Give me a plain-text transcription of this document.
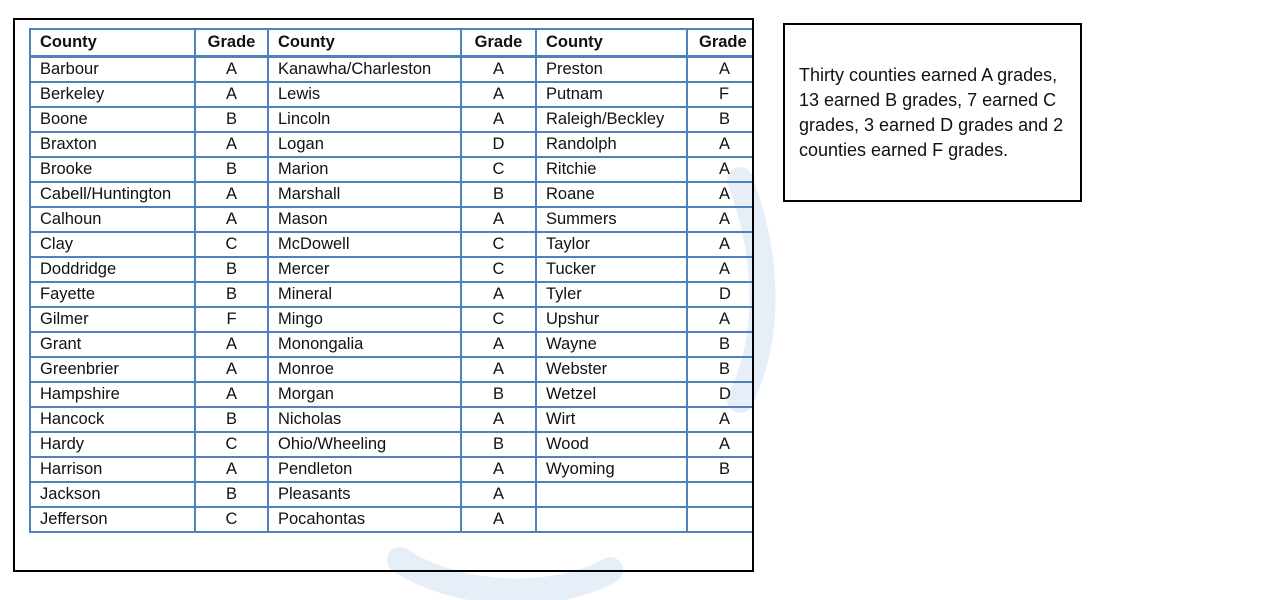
County	Grade	County	Grade	County	Grade
Barbour	A	Kanawha/Charleston	A	Preston	A
Berkeley	A	Lewis	A	Putnam	F
Boone	B	Lincoln	A	Raleigh/Beckley	B
Braxton	A	Logan	D	Randolph	A
Brooke	B	Marion	C	Ritchie	A
Cabell/Huntington	A	Marshall	B	Roane	A
Calhoun	A	Mason	A	Summers	A
Clay	C	McDowell	C	Taylor	A
Doddridge	B	Mercer	C	Tucker	A
Fayette	B	Mineral	A	Tyler	D
Gilmer	F	Mingo	C	Upshur	A
Grant	A	Monongalia	A	Wayne	B
Greenbrier	A	Monroe	A	Webster	B
Hampshire	A	Morgan	B	Wetzel	D
Hancock	B	Nicholas	A	Wirt	A
Hardy	C	Ohio/Wheeling	B	Wood	A
Harrison	A	Pendleton	A	Wyoming	B
Jackson	B	Pleasants	A		
Jefferson	C	Pocahontas	A		
Thirty counties earned A grades, 13 earned B grades, 7 earned C grades, 3 earned D grades and 2 counties earned F grades.
